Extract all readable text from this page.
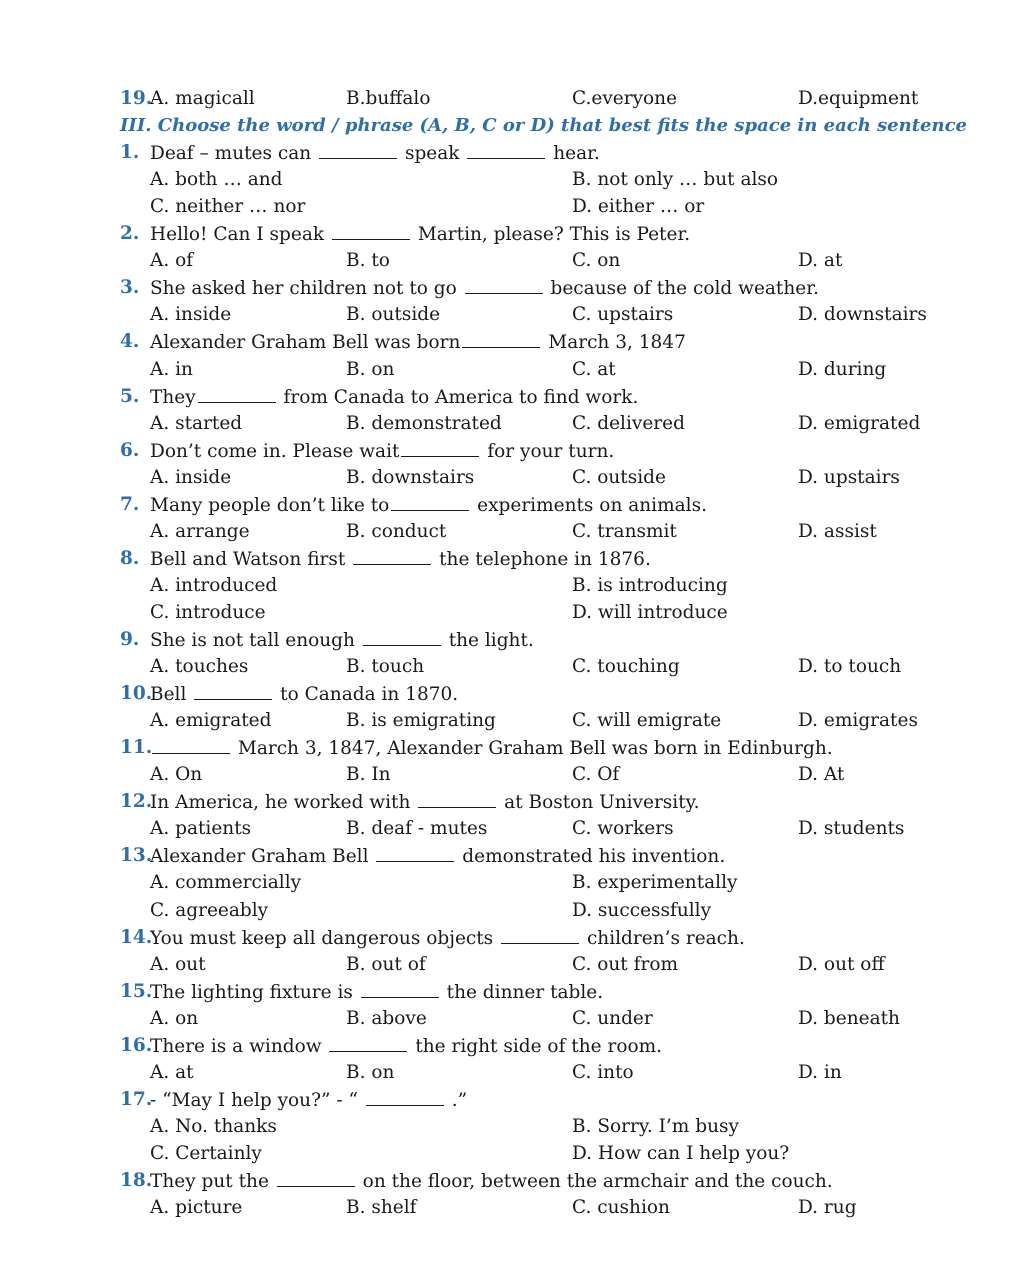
19.
A. magicall	B.buffalo	C.everyone	D.equipment
III. Choose the word / phrase (A, B, C or D) that best fits the space in each sentence
1. Deaf – mutes can	speak	hear.
A. both … and	B. not only … but also
C. neither … nor	D. either … or
2. Hello! Can I speak	Martin, please? This is Peter.
A. of	B. to	C. on	D. at
3. She asked her children not to go	because of the cold weather.
A. inside	B. outside	C. upstairs	D. downstairs
4. Alexander Graham Bell was born	March 3, 1847
A. in	B. on	C. at	D. during
5. They	from Canada to America to find work.
A. started	B. demonstrated	C. delivered	D. emigrated
6. Don’t come in. Please wait	for your turn.
A. inside	B. downstairs	C. outside	D. upstairs
7. Many people don’t like to	experiments on animals.
A. arrange	B. conduct	C. transmit	D. assist
8. Bell and Watson first	the telephone in 1876.
A. introduced	B. is introducing
C. introduce	D. will introduce
9. She is not tall enough	the light.
A. touches	B. touch	C. touching	D. to touch
10.
Bell	to Canada in 1870.
A. emigrated	B. is emigrating	C. will emigrate	D. emigrates
11.	March 3, 1847, Alexander Graham Bell was born in Edinburgh.
A. On	B. In	C. Of	D. At
12.
In America, he worked with	at Boston University.
A. patients	B. deaf - mutes	C. workers	D. students
13.
Alexander Graham Bell	demonstrated his invention.
A. commercially	B. experimentally
C. agreeably	D. successfully
14.
You must keep all dangerous objects	children’s reach.
A. out	B. out of	C. out from	D. out off
15.
The lighting fixture is	the dinner table.
A. on	B. above	C. under	D. beneath
16.
There is a window	the right side of the room.
A. at	B. on	C. into	D. in
17.
- “May I help you?” - “	.”
A. No. thanks	B. Sorry. I’m busy
C. Certainly	D. How can I help you?
18.
They put the	on the floor, between the armchair and the couch.
A. picture	B. shelf	C. cushion	D. rug
